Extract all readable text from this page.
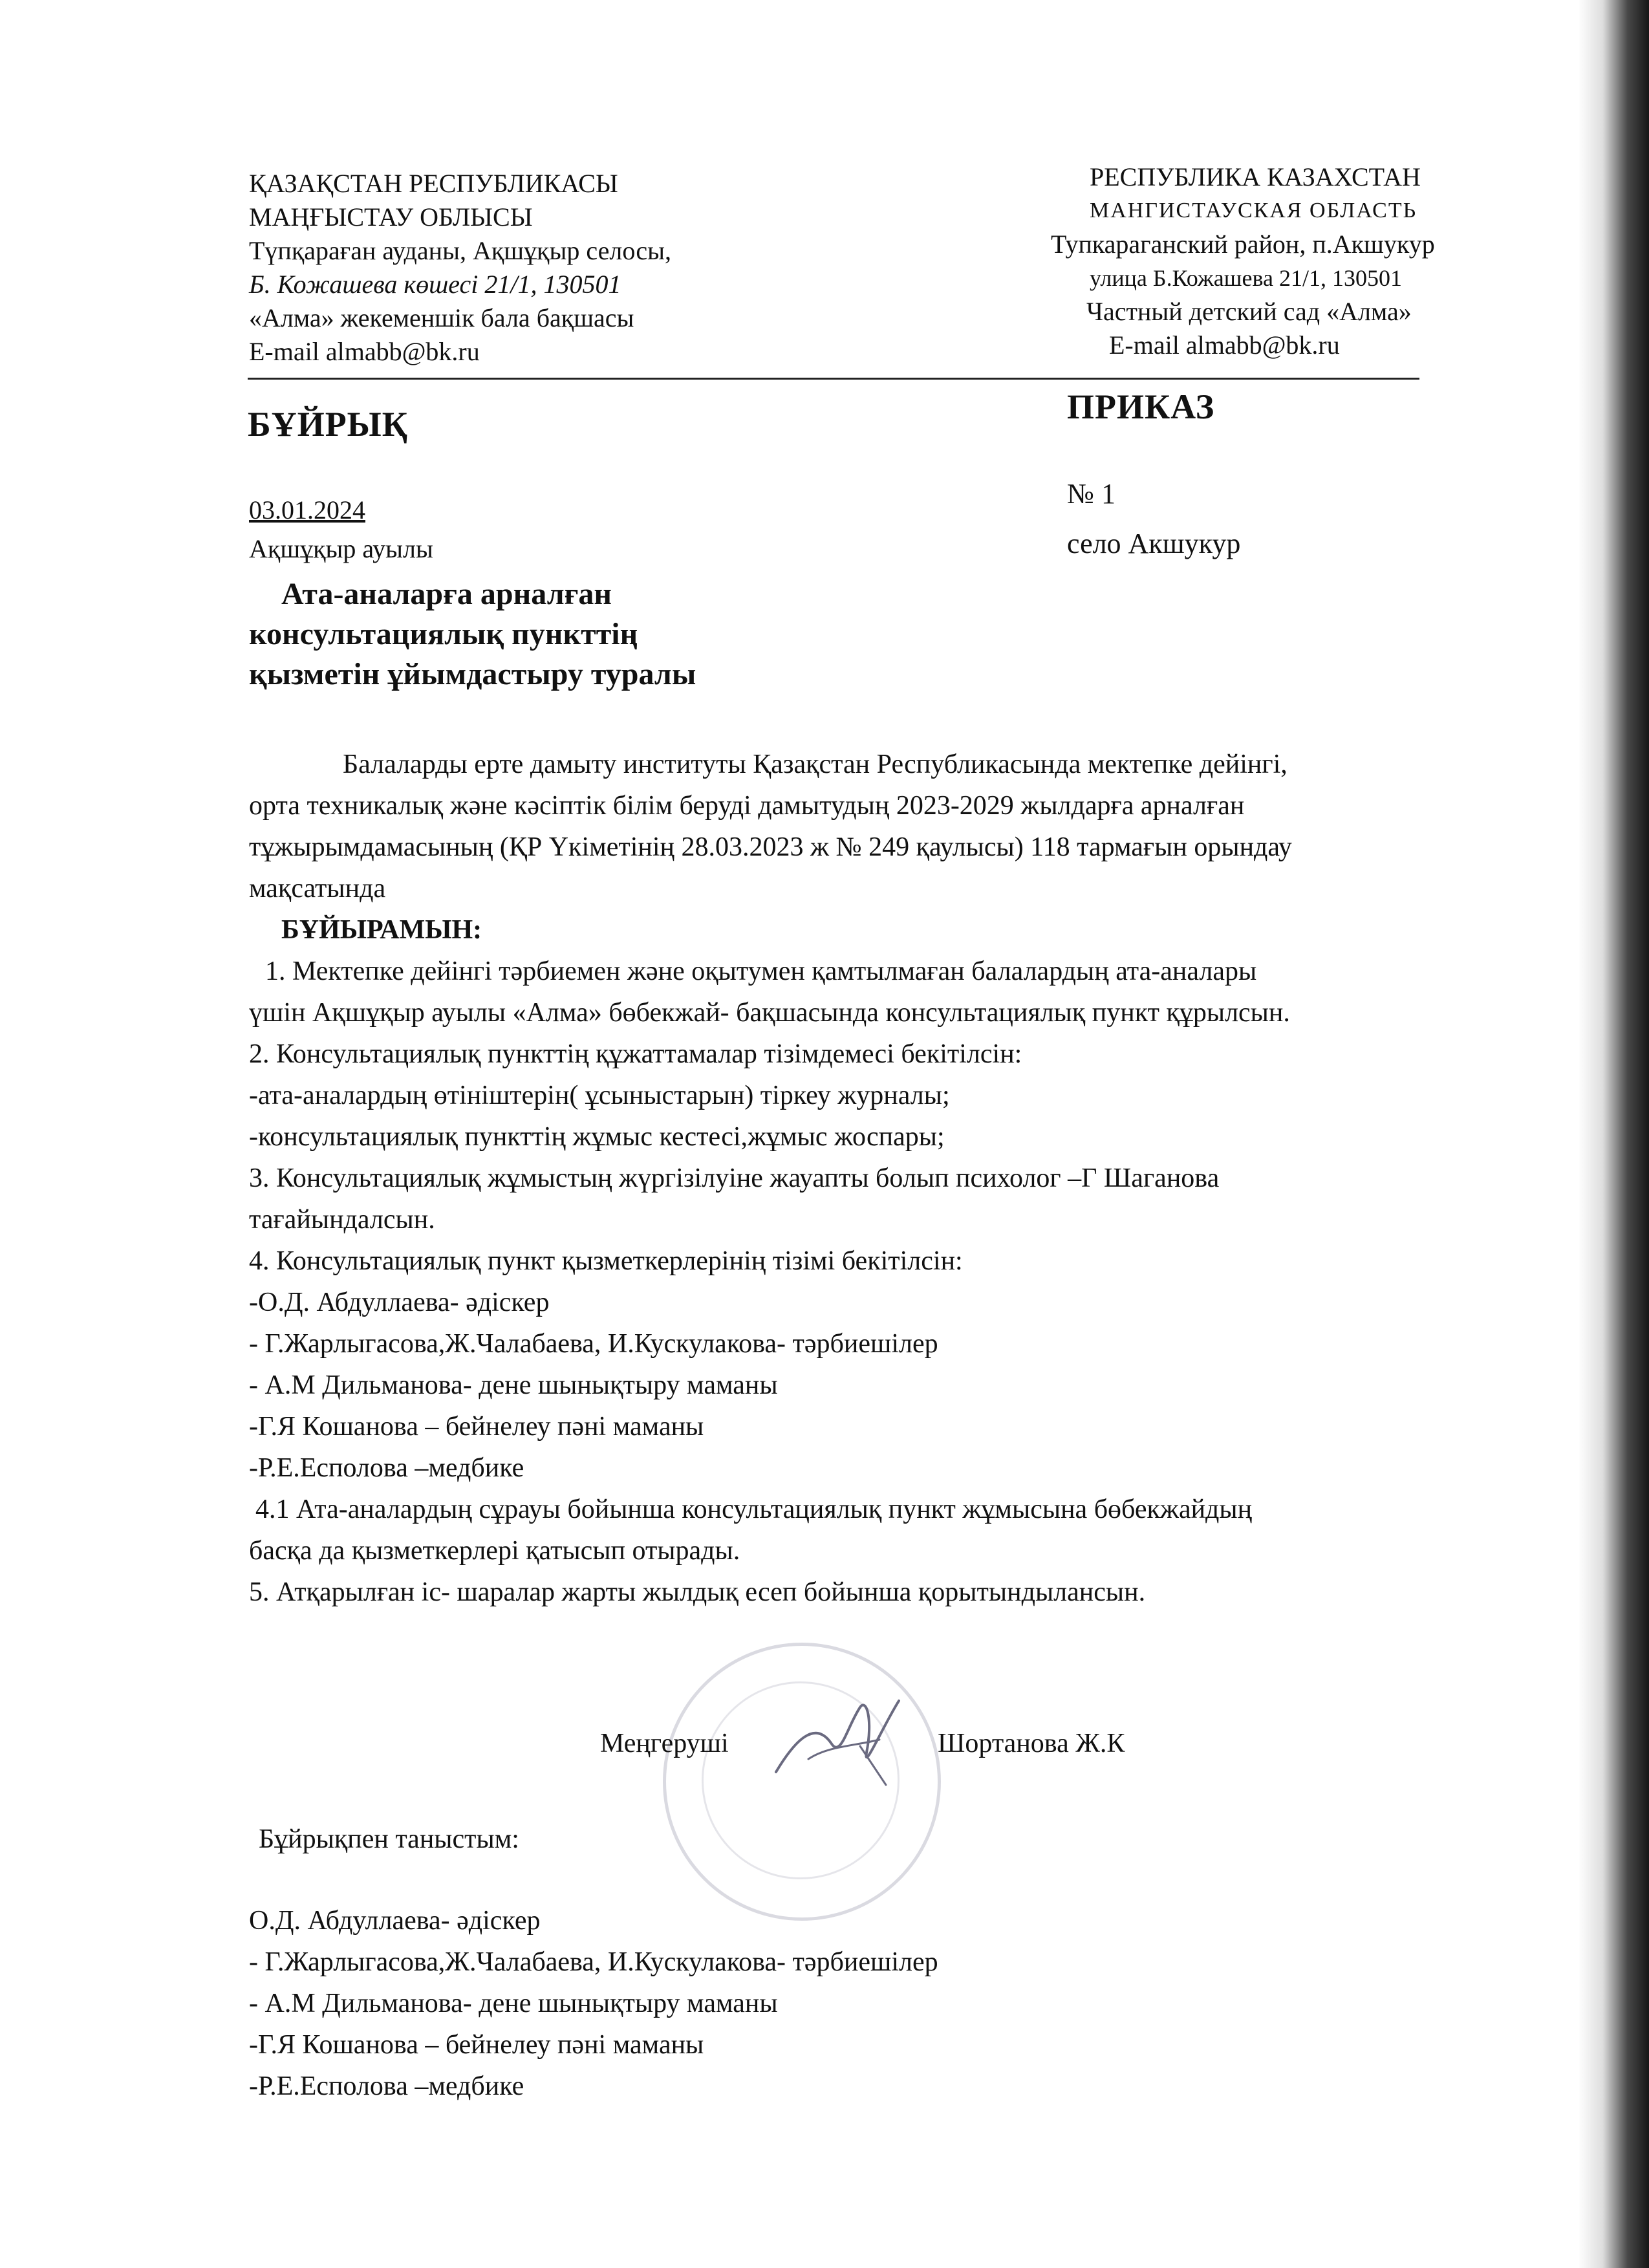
ҚАЗАҚСТАН РЕСПУБЛИКАСЫ
МАҢҒЫСТАУ ОБЛЫСЫ
Түпқараған ауданы, Ақшұқыр селосы,
Б. Кожашева көшесі 21/1, 130501
«Алма» жекеменшік бала бақшасы
E-mail almabb@bk.ru
РЕСПУБЛИКА КАЗАХСТАН
МАНГИСТАУСКАЯ ОБЛАСТЬ
Тупкараганский район, п.Акшукур
улица Б.Кожашева 21/1, 130501
Частный детский сад «Алма»
E-mail almabb@bk.ru
БҰЙРЫҚ	ПРИКАЗ
03.01.2024
№ 1
Ақшұқыр ауылы	село Акшукур
Ата-аналарға арналған
консультациялық пункттің
қызметін ұйымдастыру туралы
Балаларды ерте дамыту институты Қазақстан Республикасында мектепке дейінгі,
орта техникалық және кәсіптік білім беруді дамытудың 2023-2029 жылдарға арналған
тұжырымдамасының (ҚР Үкіметінің 28.03.2023 ж № 249 қаулысы) 118 тармағын орындау
мақсатында
БҰЙЫРАМЫН:
1. Мектепке дейінгі тәрбиемен және оқытумен қамтылмаған балалардың ата-аналары
үшін Ақшұқыр ауылы «Алма» бөбекжай- бақшасында консультациялық пункт құрылсын.
2. Консультациялық пункттің құжаттамалар тізімдемесі бекітілсін:
-ата-аналардың өтініштерін( ұсыныстарын) тіркеу журналы;
-консультациялық пункттің жұмыс кестесі,жұмыс жоспары;
3. Консультациялық жұмыстың жүргізілуіне жауапты болып психолог –Г Шаганова
тағайындалсын.
4. Консультациялық пункт қызметкерлерінің тізімі бекітілсін:
-О.Д. Абдуллаева- әдіскер
- Г.Жарлыгасова,Ж.Чалабаева, И.Кускулакова- тәрбиешілер
- А.М Дильманова- дене шынықтыру маманы
-Г.Я Кошанова – бейнелеу пәні маманы
-Р.Е.Есполова –медбике
4.1 Ата-аналардың сұрауы бойынша консультациялық пункт жұмысына бөбекжайдың
басқа да қызметкерлері қатысып отырады.
5. Атқарылған іс- шаралар жарты жылдық есеп бойынша қорытындылансын.
Меңгеруші	Шортанова Ж.К
Бұйрықпен таныстым:
О.Д. Абдуллаева- әдіскер
- Г.Жарлыгасова,Ж.Чалабаева, И.Кускулакова- тәрбиешілер
- А.М Дильманова- дене шынықтыру маманы
-Г.Я Кошанова – бейнелеу пәні маманы
-Р.Е.Есполова –медбике
